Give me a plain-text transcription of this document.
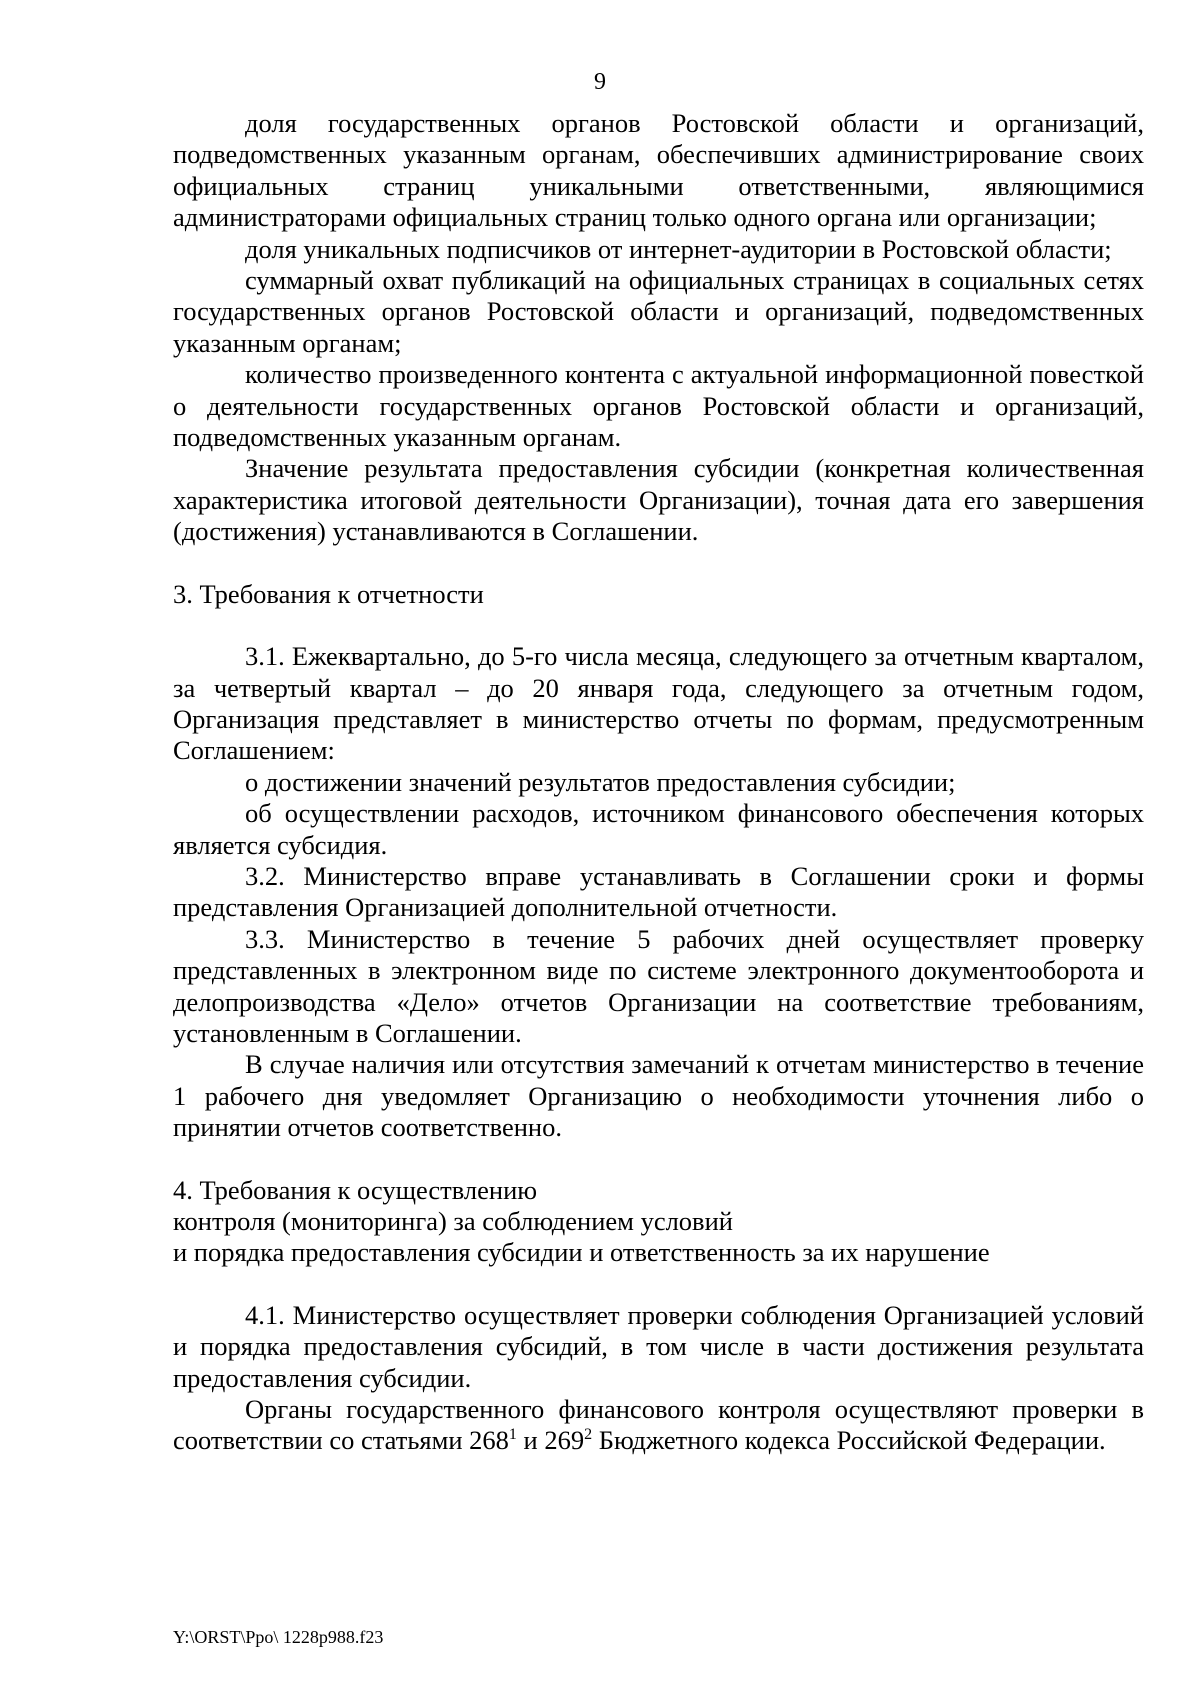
9

доля государственных органов Ростовской области и организаций, подведомственных указанным органам, обеспечивших администрирование своих официальных страниц уникальными ответственными, являющимися администраторами официальных страниц только одного органа или организации;

доля уникальных подписчиков от интернет-аудитории в Ростовской области;

суммарный охват публикаций на официальных страницах в социальных сетях государственных органов Ростовской области и организаций, подведомственных указанным органам;

количество произведенного контента с актуальной информационной повесткой о деятельности государственных органов Ростовской области и организаций, подведомственных указанным органам.

Значение результата предоставления субсидии (конкретная количественная характеристика итоговой деятельности Организации), точная дата его завершения (достижения) устанавливаются в Соглашении.

3. Требования к отчетности

3.1. Ежеквартально, до 5-го числа месяца, следующего за отчетным кварталом, за четвертый квартал – до 20 января года, следующего за отчетным годом, Организация представляет в министерство отчеты по формам, предусмотренным Соглашением:

о достижении значений результатов предоставления субсидии;

об осуществлении расходов, источником финансового обеспечения которых является субсидия.

3.2. Министерство вправе устанавливать в Соглашении сроки и формы представления Организацией дополнительной отчетности.

3.3. Министерство в течение 5 рабочих дней осуществляет проверку представленных в электронном виде по системе электронного документооборота и делопроизводства «Дело» отчетов Организации на соответствие требованиям, установленным в Соглашении.

В случае наличия или отсутствия замечаний к отчетам министерство в течение 1 рабочего дня уведомляет Организацию о необходимости уточнения либо о принятии отчетов соответственно.

4. Требования к осуществлению
контроля (мониторинга) за соблюдением условий
и порядка предоставления субсидии и ответственность за их нарушение

4.1. Министерство осуществляет проверки соблюдения Организацией условий и порядка предоставления субсидий, в том числе в части достижения результата предоставления субсидии.

Органы государственного финансового контроля осуществляют проверки в соответствии со статьями $268^1$ и $269^2$ Бюджетного кодекса Российской Федерации.

Y:\ORST\Ppo\ 1228p988.f23
